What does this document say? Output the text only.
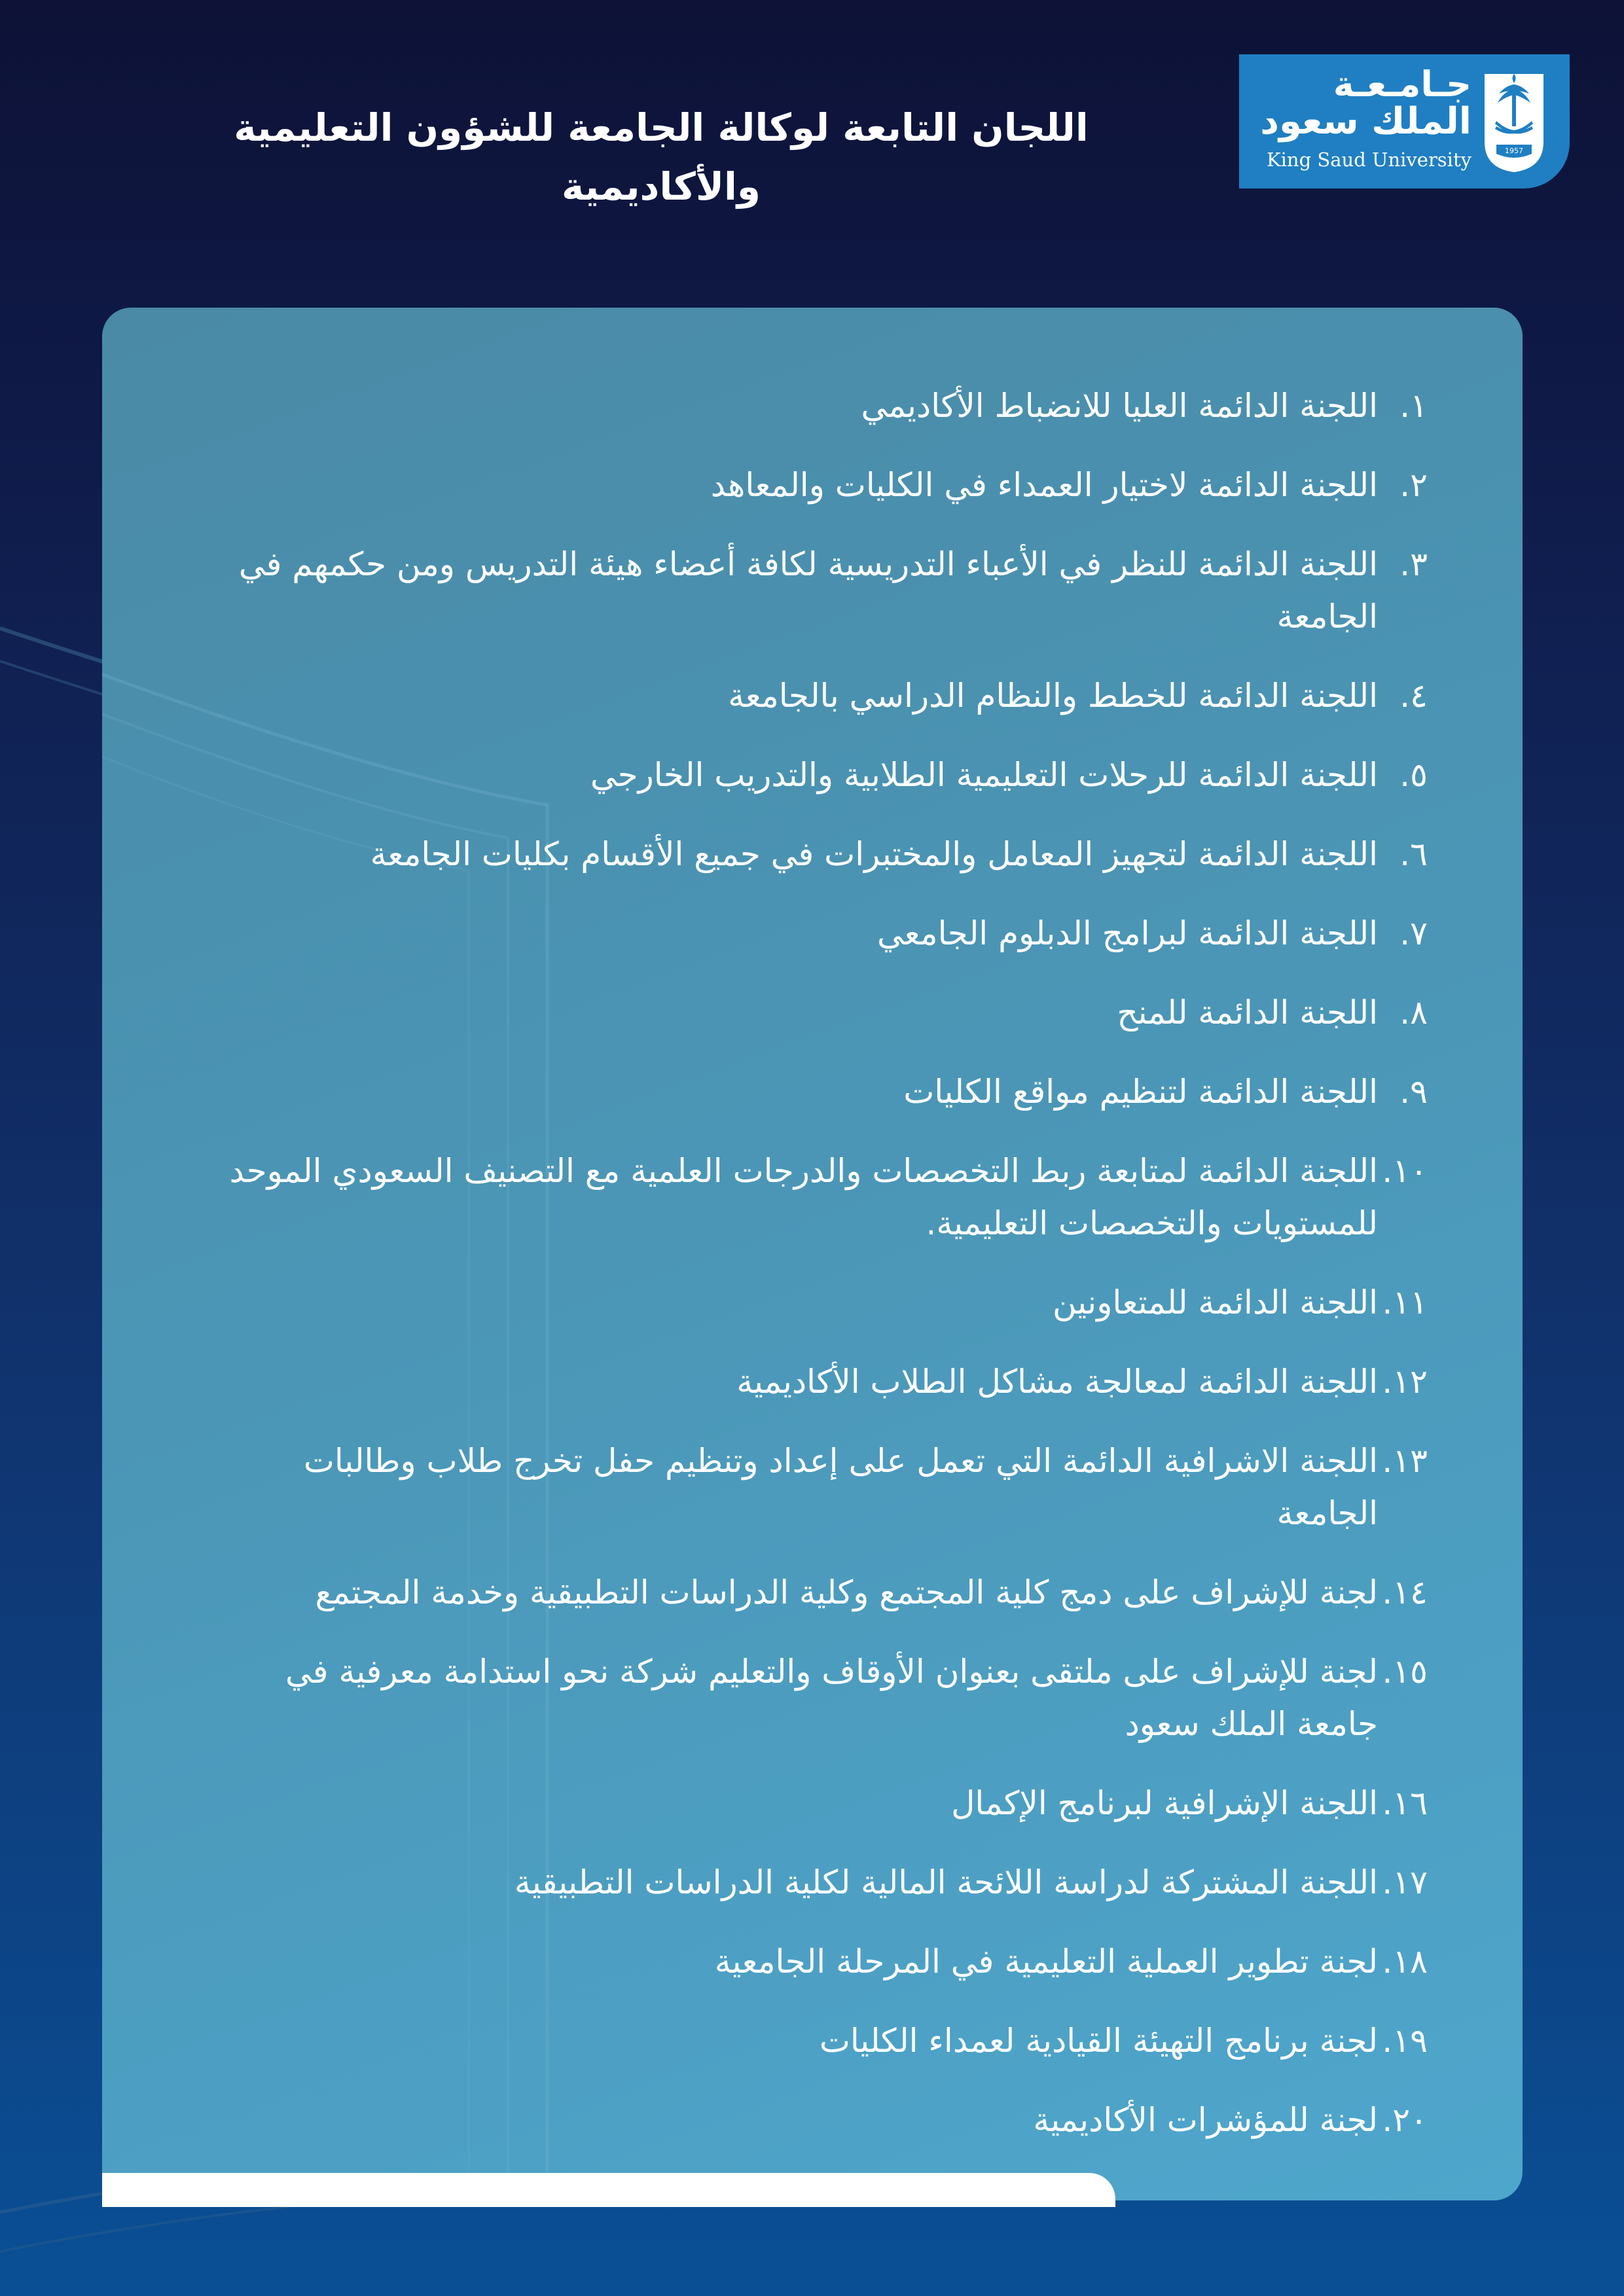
اللجان التابعة لوكالة الجامعة للشؤون التعليمية والأكاديمية
1957
جـامـعـة
الملك سعود
King Saud University
١.
اللجنة الدائمة العليا للانضباط الأكاديمي
٢.
اللجنة الدائمة لاختيار العمداء في الكليات والمعاهد
٣.
اللجنة الدائمة للنظر في الأعباء التدريسية لكافة أعضاء هيئة التدريس ومن حكمهم في الجامعة
٤.
اللجنة الدائمة للخطط والنظام الدراسي بالجامعة
٥.
اللجنة الدائمة للرحلات التعليمية الطلابية والتدريب الخارجي
٦.
اللجنة الدائمة لتجهيز المعامل والمختبرات في جميع الأقسام بكليات الجامعة
٧.
اللجنة الدائمة لبرامج الدبلوم الجامعي
٨.
اللجنة الدائمة للمنح
٩.
اللجنة الدائمة لتنظيم مواقع الكليات
١٠.
اللجنة الدائمة لمتابعة ربط التخصصات والدرجات العلمية مع التصنيف السعودي الموحد للمستويات والتخصصات التعليمية.
١١.
اللجنة الدائمة للمتعاونين
١٢.
اللجنة الدائمة لمعالجة مشاكل الطلاب الأكاديمية
١٣.
اللجنة الاشرافية الدائمة التي تعمل على إعداد وتنظيم حفل تخرج طلاب وطالبات الجامعة
١٤.
لجنة للإشراف على دمج كلية المجتمع وكلية الدراسات التطبيقية وخدمة المجتمع
١٥.
لجنة للإشراف على ملتقى بعنوان الأوقاف والتعليم شركة نحو استدامة معرفية في جامعة الملك سعود
١٦.
اللجنة الإشرافية لبرنامج الإكمال
١٧.
اللجنة المشتركة لدراسة اللائحة المالية لكلية الدراسات التطبيقية
١٨.
لجنة تطوير العملية التعليمية في المرحلة الجامعية
١٩.
لجنة برنامج التهيئة القيادية لعمداء الكليات
٢٠.
لجنة للمؤشرات الأكاديمية
